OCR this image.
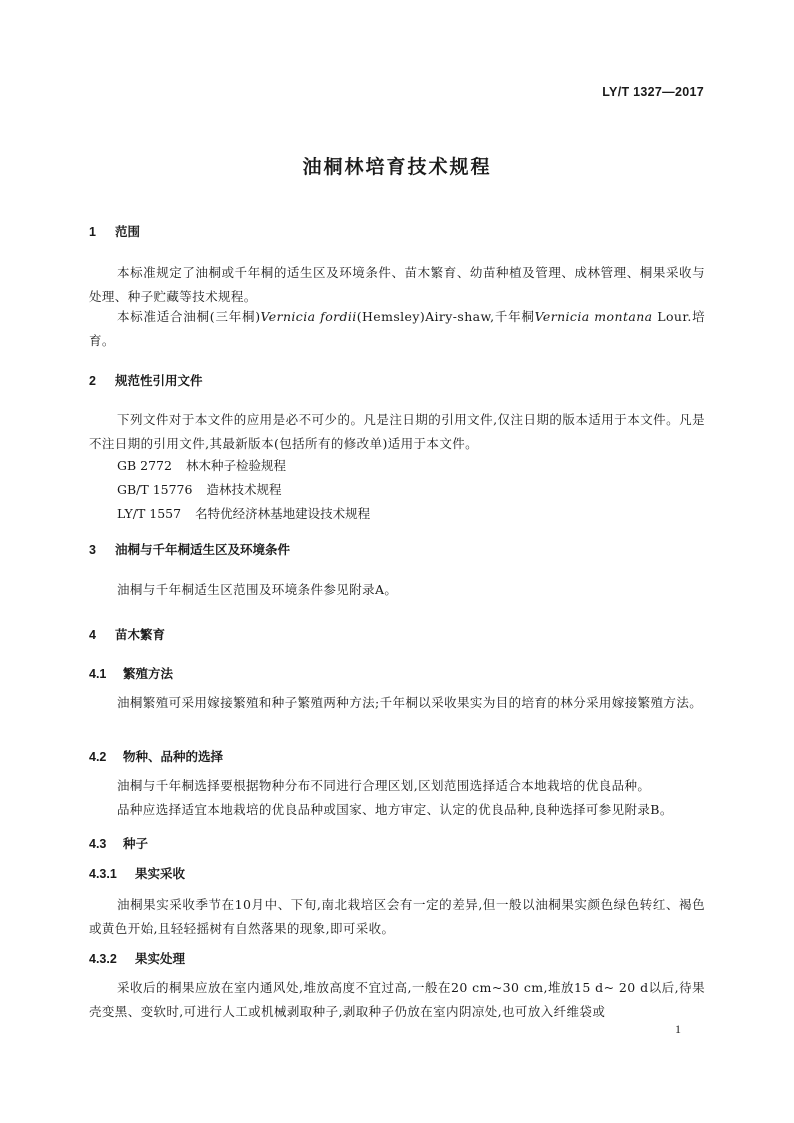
LY/T 1327—2017
油桐林培育技术规程
1 范围
本标准规定了油桐或千年桐的适生区及环境条件、苗木繁育、幼苗种植及管理、成林管理、桐果采收与处理、种子贮藏等技术规程。
本标准适合油桐(三年桐)Vernicia fordii(Hemsley)Airy-shaw,千年桐Vernicia montana Lour.培育。
2 规范性引用文件
下列文件对于本文件的应用是必不可少的。凡是注日期的引用文件,仅注日期的版本适用于本文件。凡是不注日期的引用文件,其最新版本(包括所有的修改单)适用于本文件。
GB 2772 林木种子检验规程
GB/T 15776 造林技术规程
LY/T 1557 名特优经济林基地建设技术规程
3 油桐与千年桐适生区及环境条件
油桐与千年桐适生区范围及环境条件参见附录A。
4 苗木繁育
4.1 繁殖方法
油桐繁殖可采用嫁接繁殖和种子繁殖两种方法;千年桐以采收果实为目的培育的林分采用嫁接繁殖方法。
4.2 物种、品种的选择
油桐与千年桐选择要根据物种分布不同进行合理区划,区划范围选择适合本地栽培的优良品种。
品种应选择适宜本地栽培的优良品种或国家、地方审定、认定的优良品种,良种选择可参见附录B。
4.3 种子
4.3.1 果实采收
油桐果实采收季节在10月中、下旬,南北栽培区会有一定的差异,但一般以油桐果实颜色绿色转红、褐色或黄色开始,且轻轻摇树有自然落果的现象,即可采收。
4.3.2 果实处理
采收后的桐果应放在室内通风处,堆放高度不宜过高,一般在20 cm~30 cm,堆放15 d~ 20 d以后,待果壳变黑、变软时,可进行人工或机械剥取种子,剥取种子仍放在室内阴凉处,也可放入纤维袋或
1
